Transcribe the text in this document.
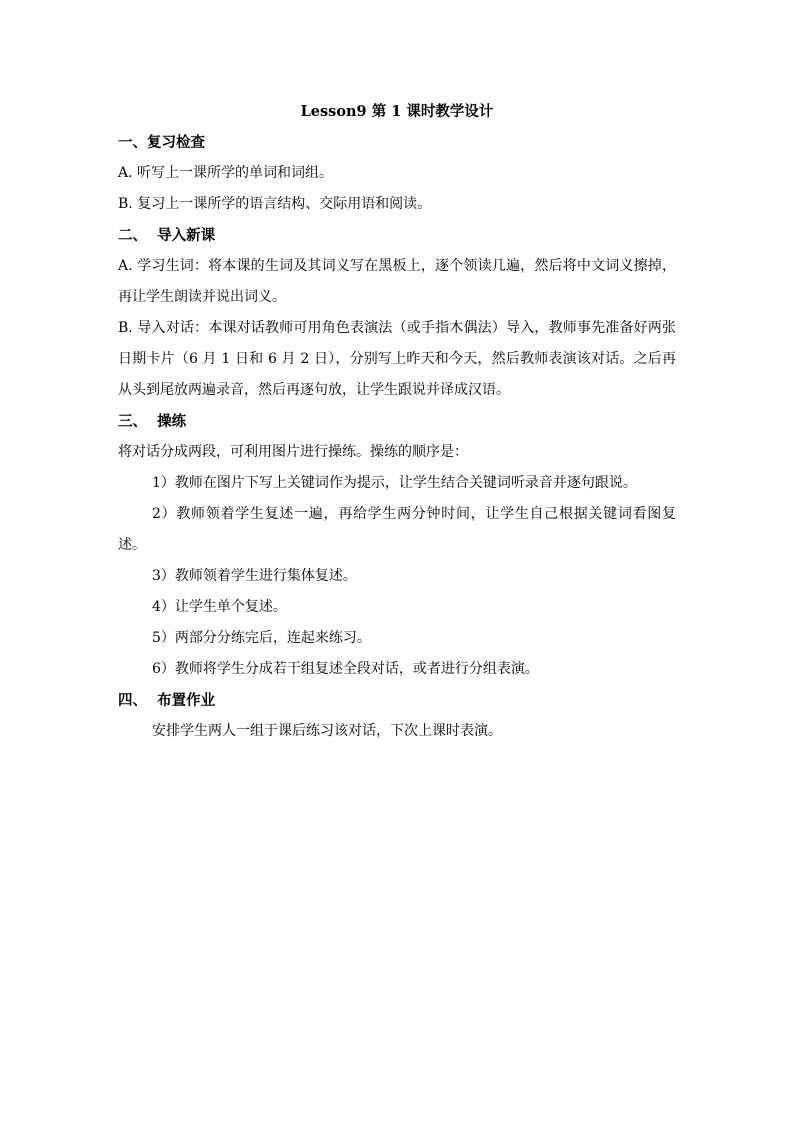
Lesson9 第 1 课时教学设计

一、复习检查

A. 听写上一课所学的单词和词组。

B. 复习上一课所学的语言结构、交际用语和阅读。

二、  导入新课

A. 学习生词：将本课的生词及其词义写在黑板上，逐个领读几遍，然后将中文词义擦掉，再让学生朗读并说出词义。

B. 导入对话：本课对话教师可用角色表演法（或手指木偶法）导入，教师事先准备好两张日期卡片（6 月 1 日和 6 月 2 日），分别写上昨天和今天，然后教师表演该对话。之后再从头到尾放两遍录音，然后再逐句放，让学生跟说并译成汉语。

三、  操练

将对话分成两段，可利用图片进行操练。操练的顺序是：

1）教师在图片下写上关键词作为提示，让学生结合关键词听录音并逐句跟说。

2）教师领着学生复述一遍，再给学生两分钟时间，让学生自己根据关键词看图复述。

3）教师领着学生进行集体复述。

4）让学生单个复述。

5）两部分分练完后，连起来练习。

6）教师将学生分成若干组复述全段对话，或者进行分组表演。

四、  布置作业

安排学生两人一组于课后练习该对话，下次上课时表演。
